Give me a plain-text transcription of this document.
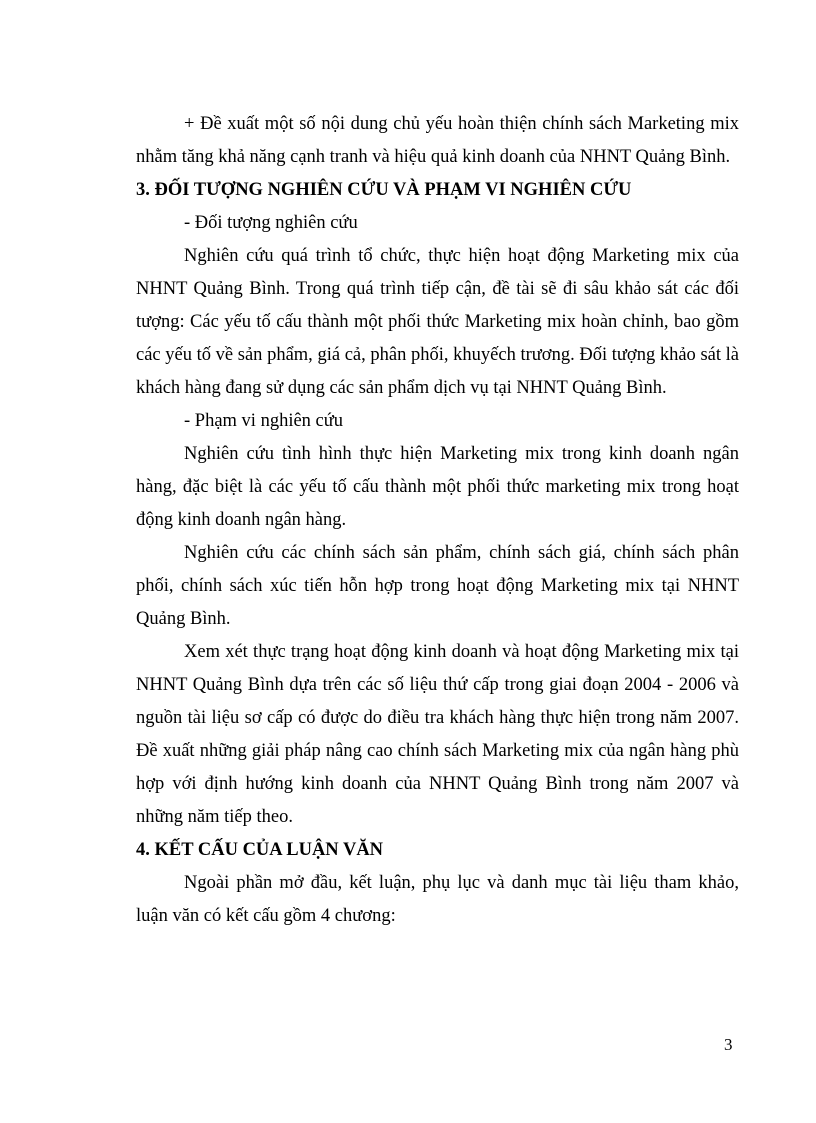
+ Đề xuất một số nội dung chủ yếu hoàn thiện chính sách Marketing mix nhằm tăng khả năng cạnh tranh và hiệu quả kinh doanh của NHNT Quảng Bình.

3. ĐỐI TƯỢNG NGHIÊN CỨU VÀ PHẠM VI NGHIÊN CỨU

- Đối tượng nghiên cứu

Nghiên cứu quá trình tổ chức, thực hiện hoạt động Marketing mix của NHNT Quảng Bình. Trong quá trình tiếp cận, đề tài sẽ đi sâu khảo sát các đối tượng: Các yếu tố cấu thành một phối thức Marketing mix hoàn chỉnh, bao gồm các yếu tố về sản phẩm, giá cả, phân phối, khuyếch trương. Đối tượng khảo sát là khách hàng đang sử dụng các sản phẩm dịch vụ tại NHNT Quảng Bình.

- Phạm vi nghiên cứu

Nghiên cứu tình hình thực hiện Marketing mix trong kinh doanh ngân hàng, đặc biệt là các yếu tố cấu thành một phối thức marketing mix trong hoạt động kinh doanh ngân hàng.

Nghiên cứu các chính sách sản phẩm, chính sách giá, chính sách phân phối, chính sách xúc tiến hỗn hợp trong hoạt động Marketing mix tại NHNT Quảng Bình.

Xem xét thực trạng hoạt động kinh doanh và hoạt động Marketing mix tại NHNT Quảng Bình dựa trên các số liệu thứ cấp trong giai đoạn 2004 - 2006 và nguồn tài liệu sơ cấp có được do điều tra khách hàng thực hiện trong năm 2007. Đề xuất những giải pháp nâng cao chính sách Marketing mix của ngân hàng phù hợp với định hướng kinh doanh của NHNT Quảng Bình trong năm 2007 và những năm tiếp theo.

4. KẾT CẤU CỦA LUẬN VĂN

Ngoài phần mở đầu, kết luận, phụ lục và danh mục tài liệu tham khảo, luận văn có kết cấu gồm 4 chương:

3
